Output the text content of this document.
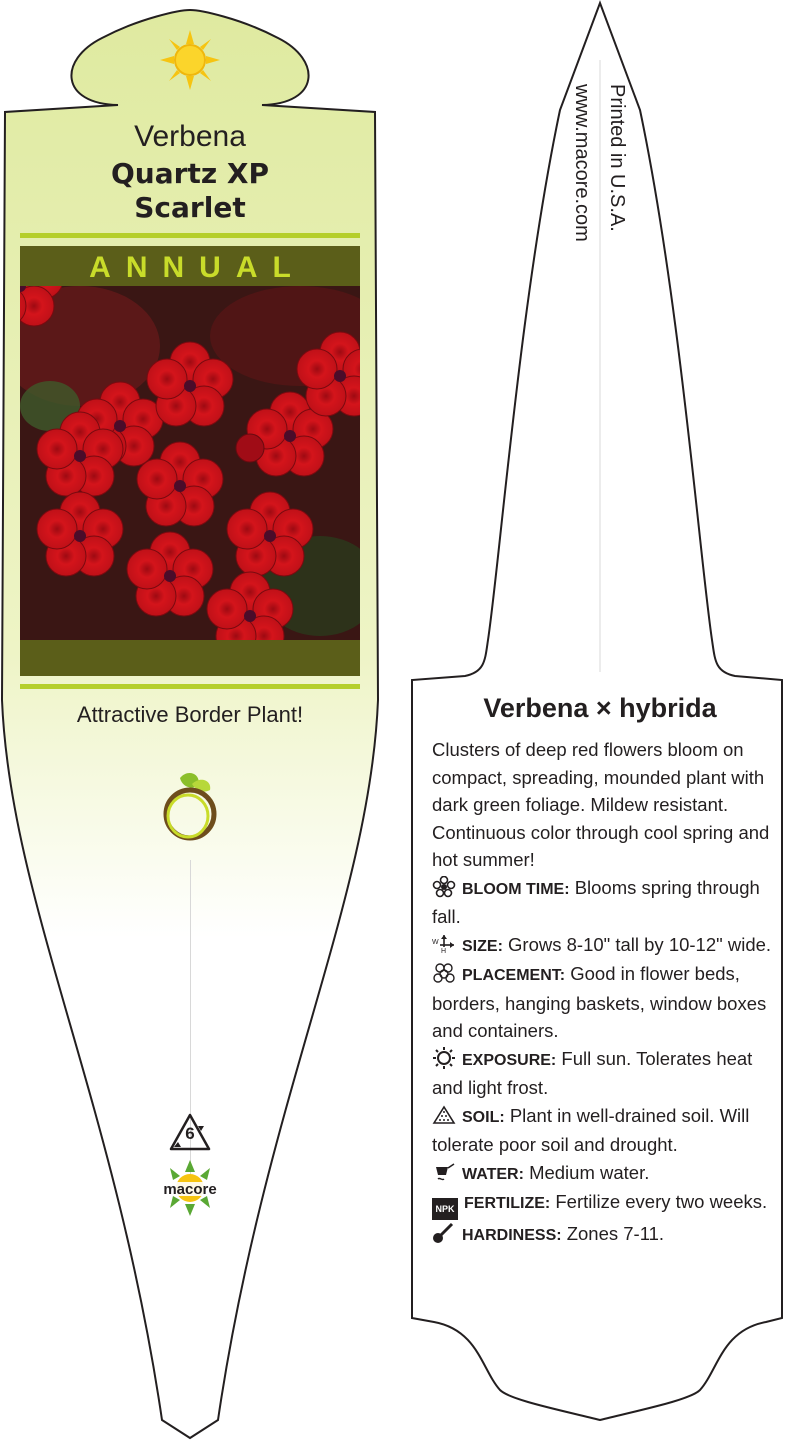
Verbena
Quartz XP
Scarlet
ANNUAL
Attractive Border Plant!
6
macore
Printed in U.S.A.
www.macore.com
Verbena × hybrida

Clusters of deep red flowers bloom on compact, spreading, mounded plant with dark green foliage. Mildew resistant. Continuous color through cool spring and hot summer!

BLOOM TIME: Blooms spring through fall.

W
H SIZE: Grows 8-10" tall by 10-12" wide.

PLACEMENT: Good in flower beds, borders, hanging baskets, window boxes and containers.

EXPOSURE: Full sun. Tolerates heat and light frost.

SOIL: Plant in well-drained soil. Will tolerate poor soil and drought.

WATER: Medium water.

NPK FERTILIZE: Fertilize every two weeks.

HARDINESS: Zones 7-11.
